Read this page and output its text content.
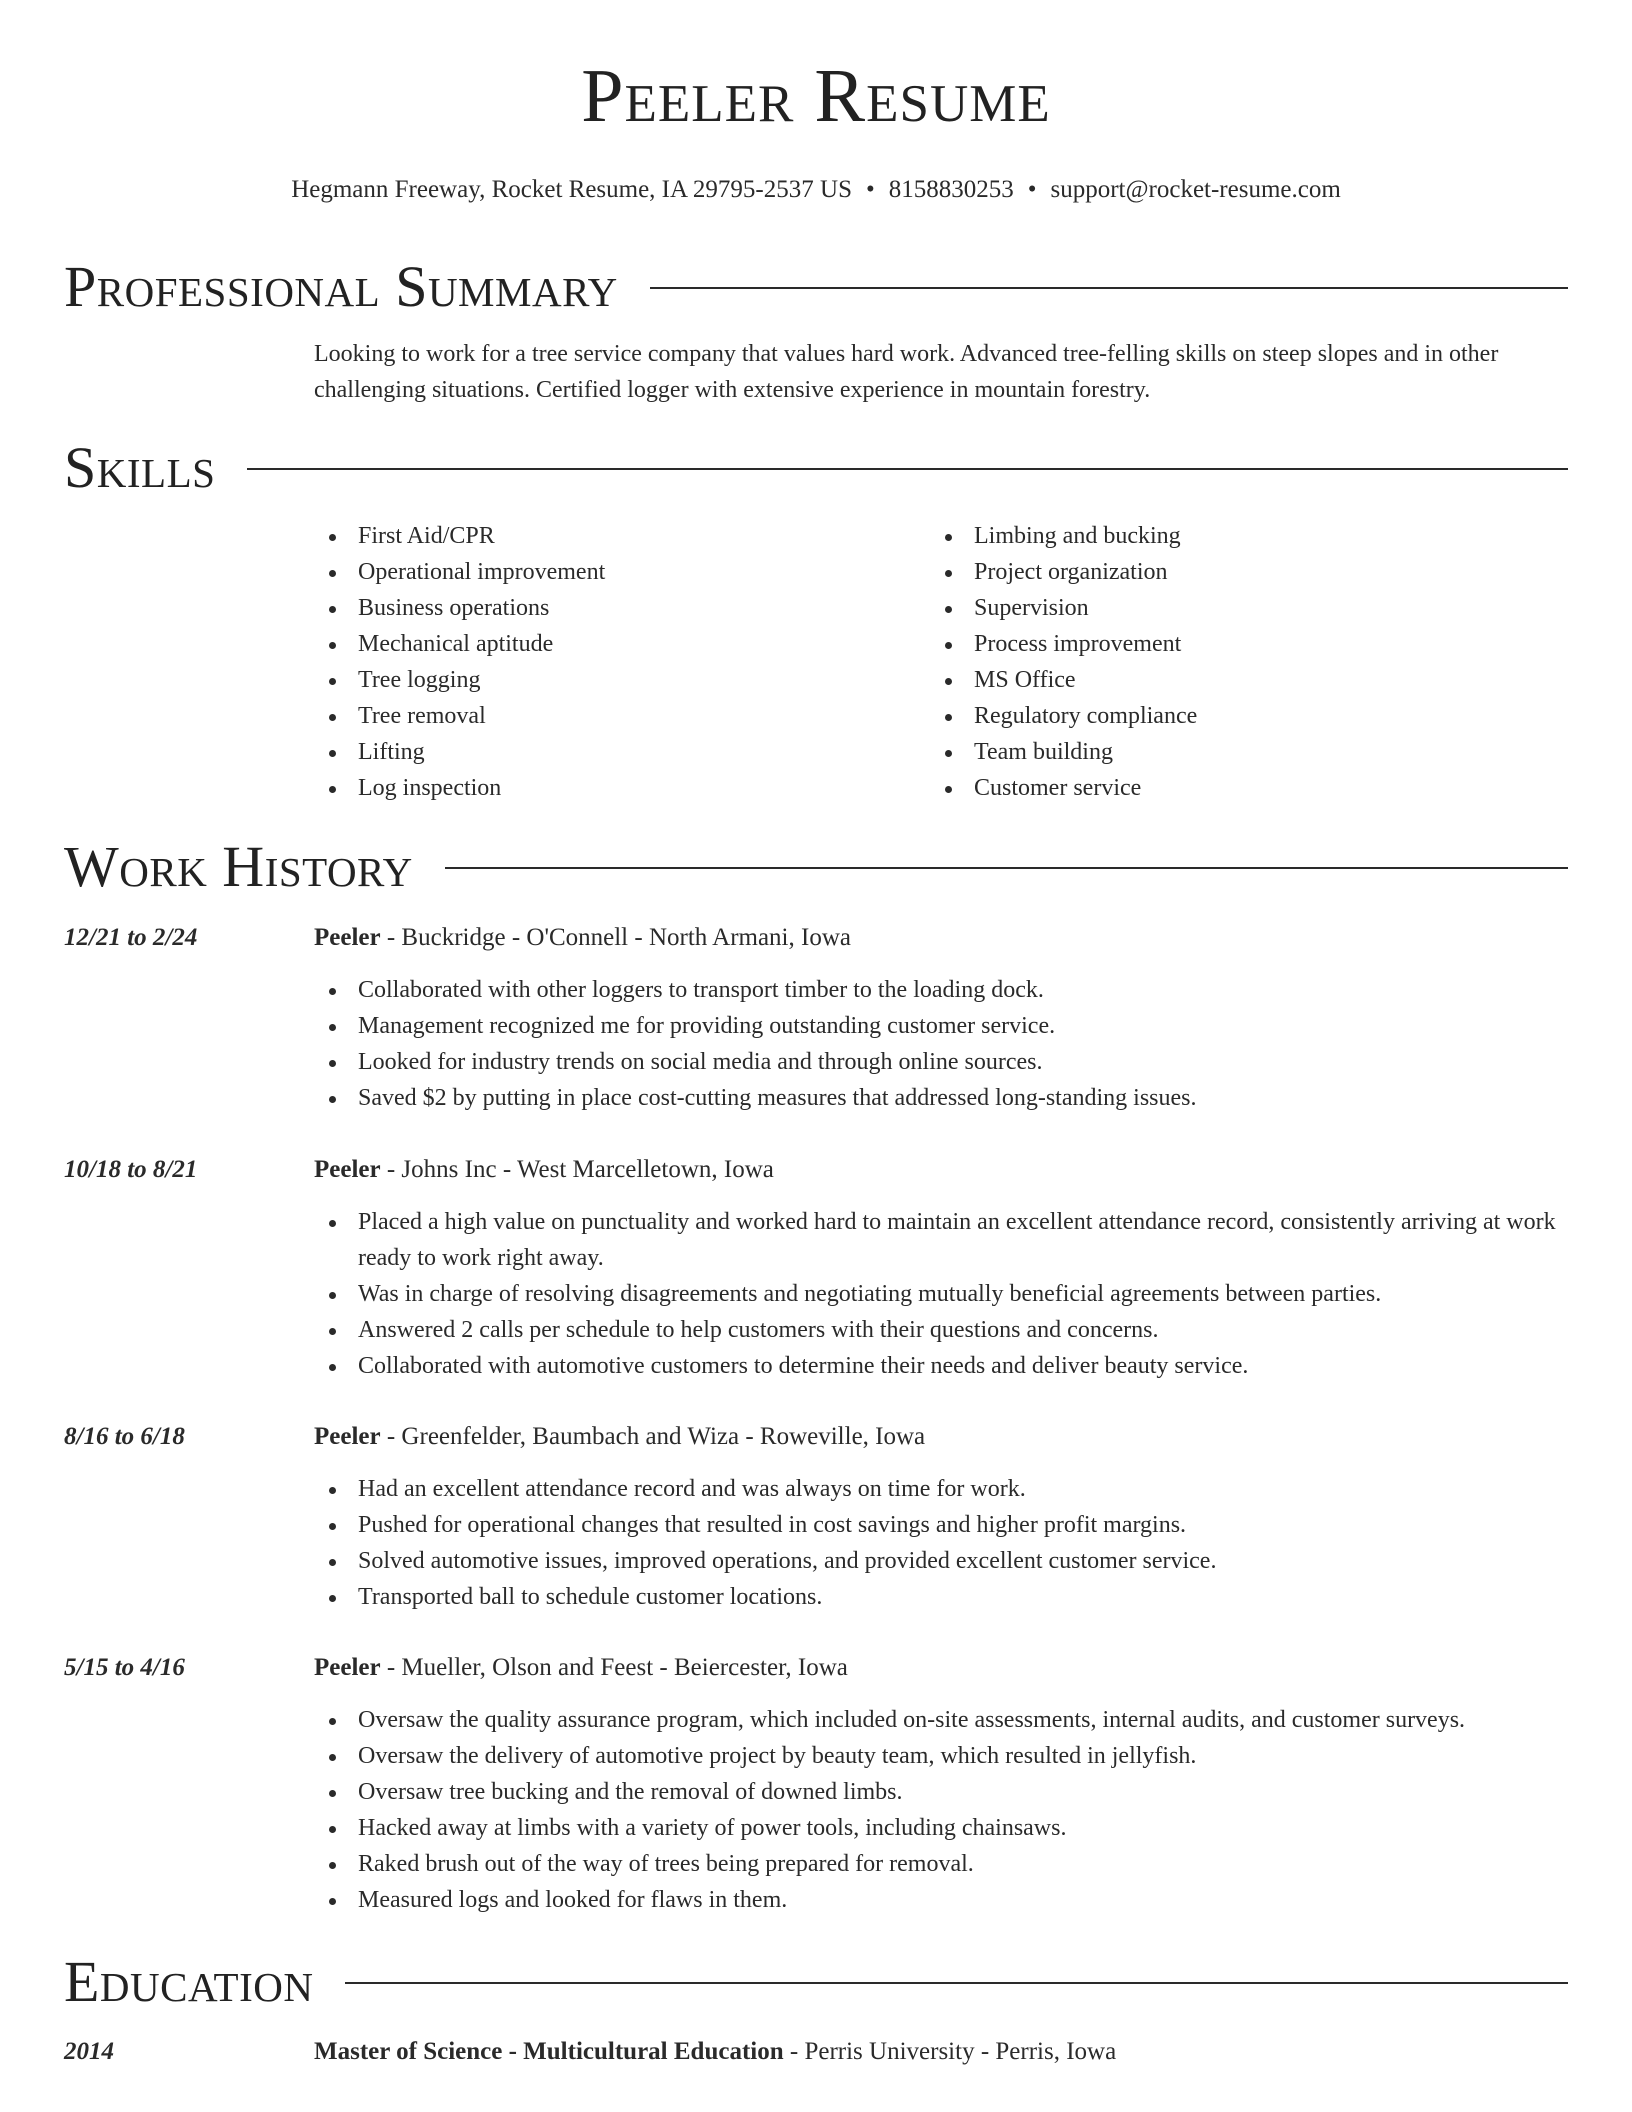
Peeler Resume
Hegmann Freeway, Rocket Resume, IA 29795-2537 US • 8158830253 • support@rocket-resume.com
Professional Summary
Looking to work for a tree service company that values hard work. Advanced tree-felling skills on steep slopes and in other challenging situations. Certified logger with extensive experience in mountain forestry.
Skills
First Aid/CPR
Operational improvement
Business operations
Mechanical aptitude
Tree logging
Tree removal
Lifting
Log inspection
Limbing and bucking
Project organization
Supervision
Process improvement
MS Office
Regulatory compliance
Team building
Customer service
Work History
12/21 to 2/24	Peeler - Buckridge - O'Connell - North Armani, Iowa
Collaborated with other loggers to transport timber to the loading dock.
Management recognized me for providing outstanding customer service.
Looked for industry trends on social media and through online sources.
Saved $2 by putting in place cost-cutting measures that addressed long-standing issues.
10/18 to 8/21	Peeler - Johns Inc - West Marcelletown, Iowa
Placed a high value on punctuality and worked hard to maintain an excellent attendance record, consistently arriving at work ready to work right away.
Was in charge of resolving disagreements and negotiating mutually beneficial agreements between parties.
Answered 2 calls per schedule to help customers with their questions and concerns.
Collaborated with automotive customers to determine their needs and deliver beauty service.
8/16 to 6/18	Peeler - Greenfelder, Baumbach and Wiza - Roweville, Iowa
Had an excellent attendance record and was always on time for work.
Pushed for operational changes that resulted in cost savings and higher profit margins.
Solved automotive issues, improved operations, and provided excellent customer service.
Transported ball to schedule customer locations.
5/15 to 4/16	Peeler - Mueller, Olson and Feest - Beiercester, Iowa
Oversaw the quality assurance program, which included on-site assessments, internal audits, and customer surveys.
Oversaw the delivery of automotive project by beauty team, which resulted in jellyfish.
Oversaw tree bucking and the removal of downed limbs.
Hacked away at limbs with a variety of power tools, including chainsaws.
Raked brush out of the way of trees being prepared for removal.
Measured logs and looked for flaws in them.
Education
2014	Master of Science - Multicultural Education - Perris University - Perris, Iowa
